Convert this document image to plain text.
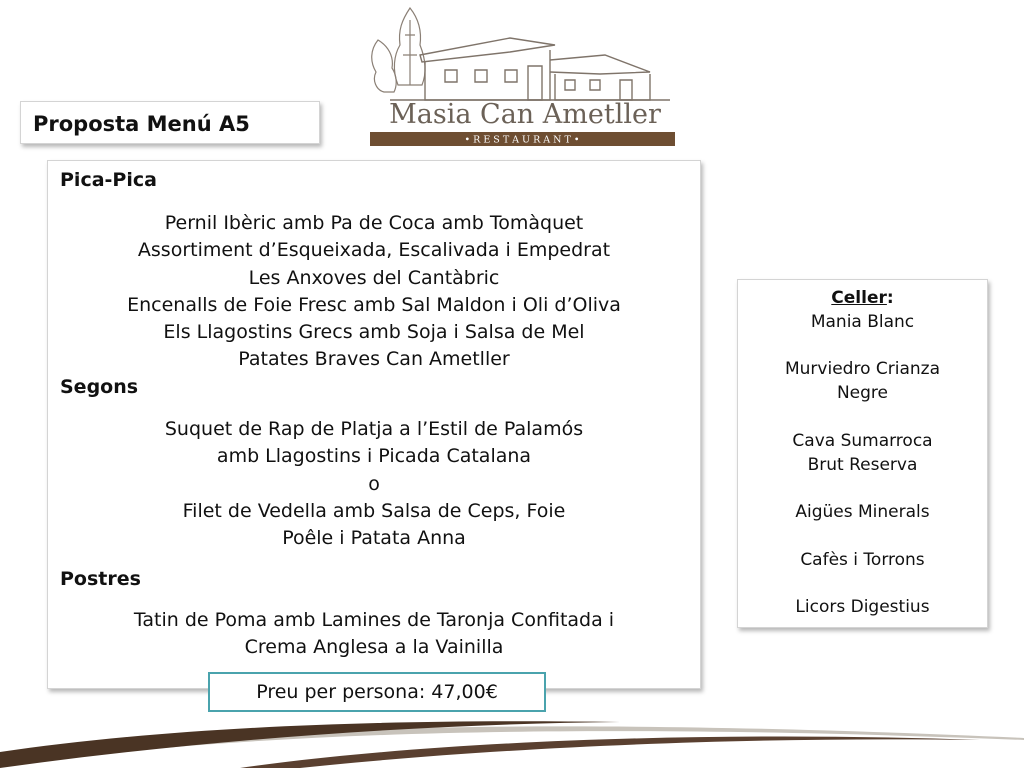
Masia Can Ametller
• R E S T A U R A N T •
Proposta Menú A5
Pica-Pica
Pernil Ibèric amb Pa de Coca amb Tomàquet
Assortiment d’Esqueixada, Escalivada i Empedrat
Les Anxoves del Cantàbric
Encenalls de Foie Fresc amb Sal Maldon i Oli d’Oliva
Els Llagostins Grecs amb Soja i Salsa de Mel
Patates Braves Can Ametller
Segons
Suquet de Rap de Platja a l’Estil de Palamós
amb Llagostins i Picada Catalana
o
Filet de Vedella amb Salsa de Ceps, Foie
Poêle i Patata Anna
Postres
Tatin de Poma amb Lamines de Taronja Confitada i
Crema Anglesa a la Vainilla
Preu per persona: 47,00€
Celler:
Mania Blanc
Murviedro Crianza
Negre
Cava Sumarroca
Brut Reserva
Aigües Minerals
Cafès i Torrons
Licors Digestius
